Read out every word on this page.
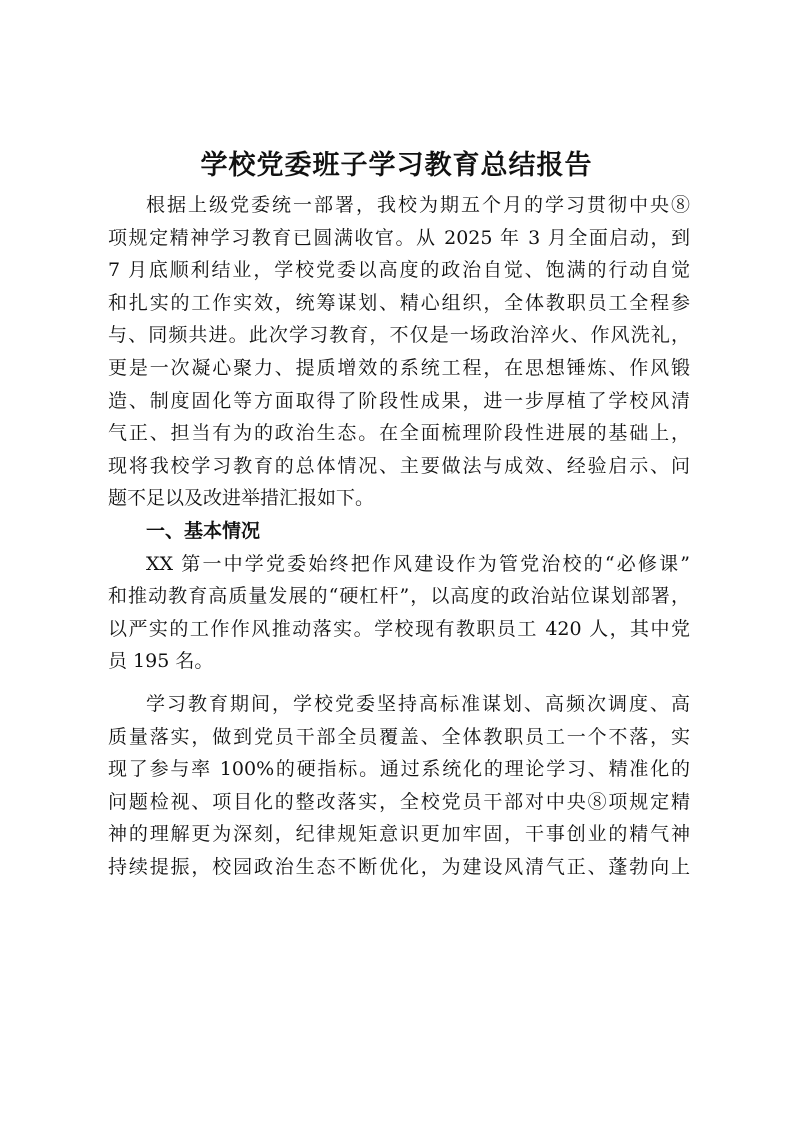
学校党委班子学习教育总结报告
根据上级党委统一部署，我校为期五个月的学习贯彻中央⑧
项规定精神学习教育已圆满收官。从 2025 年 3 月全面启动，到
7 月底顺利结业，学校党委以高度的政治自觉、饱满的行动自觉
和扎实的工作实效，统筹谋划、精心组织，全体教职员工全程参
与、同频共进。此次学习教育，不仅是一场政治淬火、作风洗礼，
更是一次凝心聚力、提质增效的系统工程，在思想锤炼、作风锻
造、制度固化等方面取得了阶段性成果，进一步厚植了学校风清
气正、担当有为的政治生态。在全面梳理阶段性进展的基础上，
现将我校学习教育的总体情况、主要做法与成效、经验启示、问
题不足以及改进举措汇报如下。
一、基本情况
XX 第一中学党委始终把作风建设作为管党治校的“必修课”
和推动教育高质量发展的“硬杠杆”，以高度的政治站位谋划部署，
以严实的工作作风推动落实。学校现有教职员工 420 人，其中党
员 195 名。
学习教育期间，学校党委坚持高标准谋划、高频次调度、高
质量落实，做到党员干部全员覆盖、全体教职员工一个不落，实
现了参与率 100%的硬指标。通过系统化的理论学习、精准化的
问题检视、项目化的整改落实，全校党员干部对中央⑧项规定精
神的理解更为深刻，纪律规矩意识更加牢固，干事创业的精气神
持续提振，校园政治生态不断优化，为建设风清气正、蓬勃向上
